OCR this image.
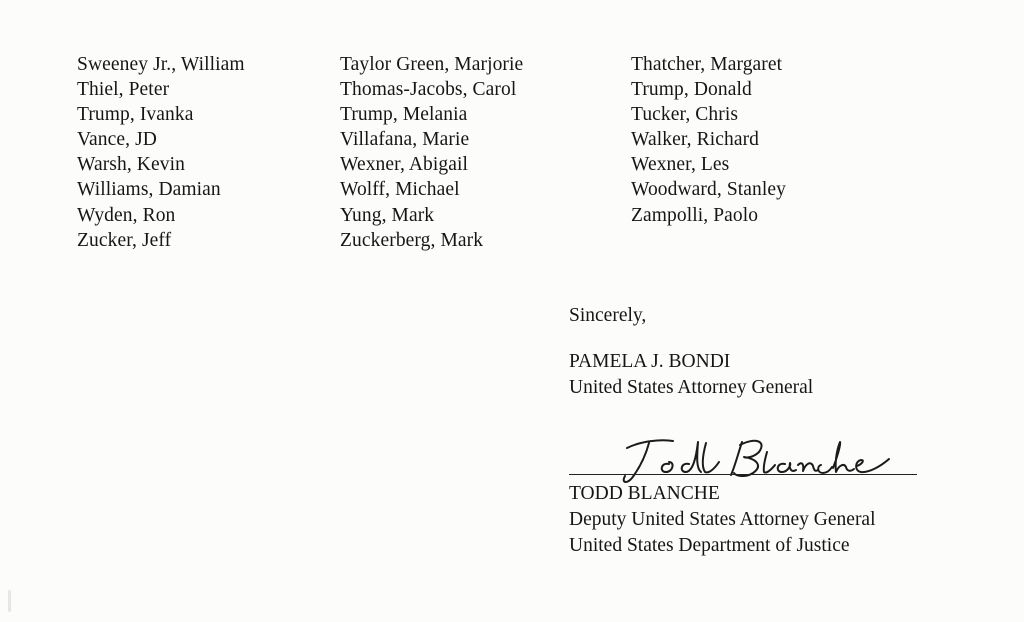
Sweeney Jr., William
Thiel, Peter
Trump, Ivanka
Vance, JD
Warsh, Kevin
Williams, Damian
Wyden, Ron
Zucker, Jeff
Taylor Green, Marjorie
Thomas-Jacobs, Carol
Trump, Melania
Villafana, Marie
Wexner, Abigail
Wolff, Michael
Yung, Mark
Zuckerberg, Mark
Thatcher, Margaret
Trump, Donald
Tucker, Chris
Walker, Richard
Wexner, Les
Woodward, Stanley
Zampolli, Paolo

Sincerely,

PAMELA J. BONDI
United States Attorney General
TODD BLANCHE
Deputy United States Attorney General
United States Department of Justice
